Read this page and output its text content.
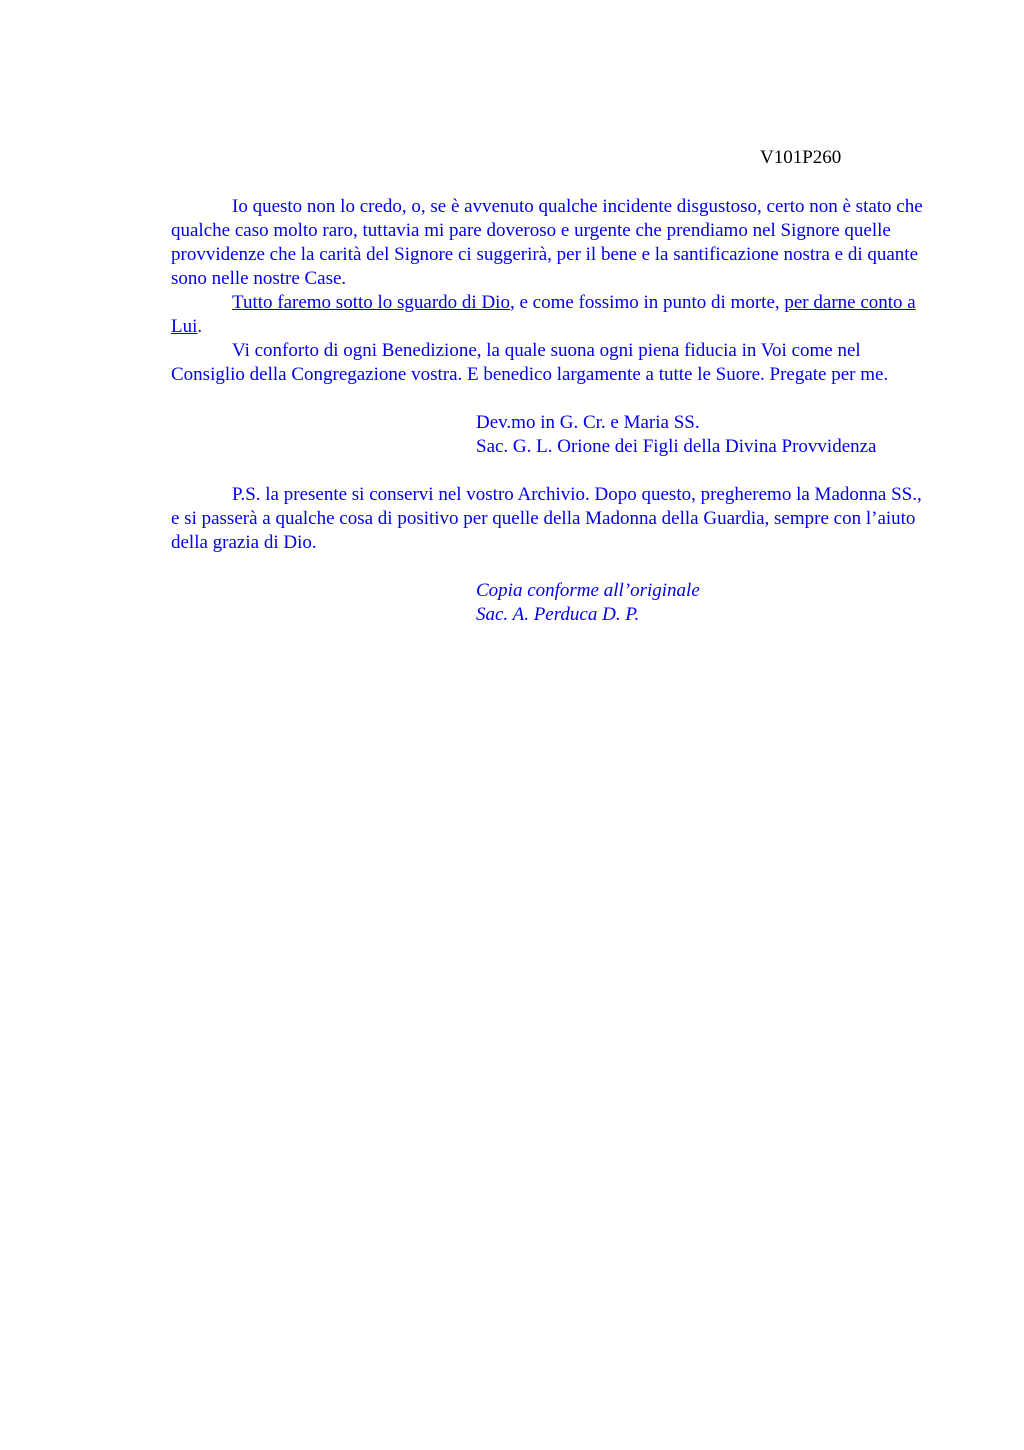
V101P260

Io questo non lo credo, o, se è avvenuto qualche incidente disgustoso, certo non è stato che qualche caso molto raro, tuttavia mi pare doveroso e urgente che prendiamo nel Signore quelle provvidenze che la carità del Signore ci suggerirà, per il bene e la santificazione nostra e di quante sono nelle nostre Case.

Tutto faremo sotto lo sguardo di Dio, e come fossimo in punto di morte, per darne conto a Lui.

Vi conforto di ogni Benedizione, la quale suona ogni piena fiducia in Voi come nel Consiglio della Congregazione vostra. E benedico largamente a tutte le Suore. Pregate per me.

Dev.mo in G. Cr. e Maria SS.

Sac. G. L. Orione dei Figli della Divina Provvidenza

P.S. la presente si conservi nel vostro Archivio. Dopo questo, pregheremo la Madonna SS., e si passerà a qualche cosa di positivo per quelle della Madonna della Guardia, sempre con l’aiuto della grazia di Dio.

Copia conforme all’originale

Sac. A. Perduca D. P.
